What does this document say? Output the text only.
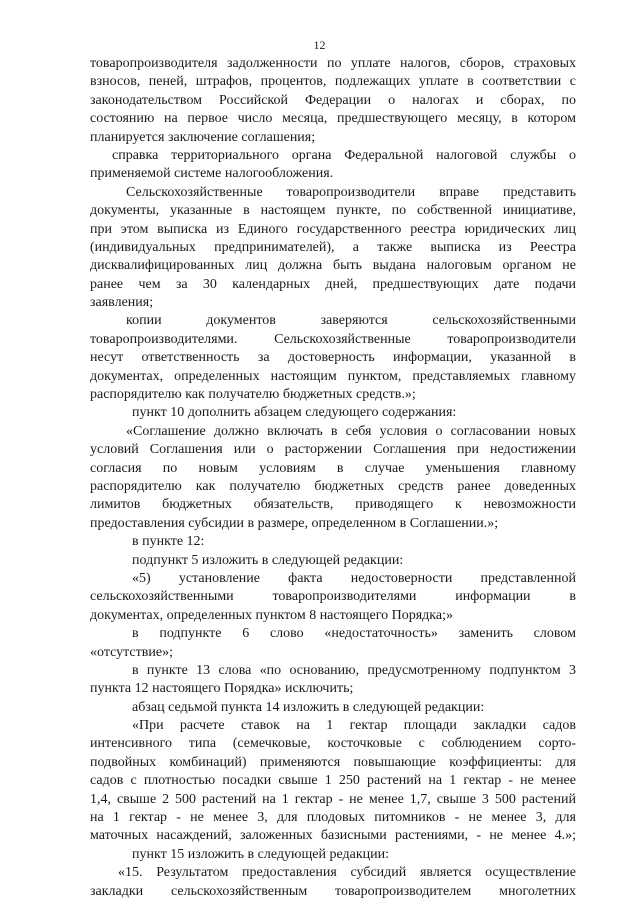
12
товаропроизводителя задолженности по уплате налогов, сборов, страховых
взносов, пеней, штрафов, процентов, подлежащих уплате в соответствии с
законодательством Российской Федерации о налогах и сборах, по
состоянию на первое число месяца, предшествующего месяцу, в котором
планируется заключение соглашения;
справка территориального органа Федеральной налоговой службы о
применяемой системе налогообложения.
Сельскохозяйственные товаропроизводители вправе представить
документы, указанные в настоящем пункте, по собственной инициативе,
при этом выписка из Единого государственного реестра юридических лиц
(индивидуальных предпринимателей), а также выписка из Реестра
дисквалифицированных лиц должна быть выдана налоговым органом не
ранее чем за 30 календарных дней, предшествующих дате подачи
заявления;
копии документов заверяются сельскохозяйственными
товаропроизводителями. Сельскохозяйственные товаропроизводители
несут ответственность за достоверность информации, указанной в
документах, определенных настоящим пунктом, представляемых главному
распорядителю как получателю бюджетных средств.»;
пункт 10 дополнить абзацем следующего содержания:
«Соглашение должно включать в себя условия о согласовании новых
условий Соглашения или о расторжении Соглашения при недостижении
согласия по новым условиям в случае уменьшения главному
распорядителю как получателю бюджетных средств ранее доведенных
лимитов бюджетных обязательств, приводящего к невозможности
предоставления субсидии в размере, определенном в Соглашении.»;
в пункте 12:
подпункт 5 изложить в следующей редакции:
«5) установление факта недостоверности представленной
сельскохозяйственными товаропроизводителями информации в
документах, определенных пунктом 8 настоящего Порядка;»
в подпункте 6 слово «недостаточность» заменить словом
«отсутствие»;
в пункте 13 слова «по основанию, предусмотренному подпунктом 3
пункта 12 настоящего Порядка» исключить;
абзац седьмой пункта 14 изложить в следующей редакции:
«При расчете ставок на 1 гектар площади закладки садов
интенсивного типа (семечковые, косточковые с соблюдением сорто-
подвойных комбинаций) применяются повышающие коэффициенты: для
садов с плотностью посадки свыше 1 250 растений на 1 гектар - не менее
1,4, свыше 2 500 растений на 1 гектар - не менее 1,7, свыше 3 500 растений
на 1 гектар - не менее 3, для плодовых питомников - не менее 3, для
маточных насаждений, заложенных базисными растениями, - не менее 4.»;
пункт 15 изложить в следующей редакции:
«15. Результатом предоставления субсидий является осуществление
закладки сельскохозяйственным товаропроизводителем многолетних
